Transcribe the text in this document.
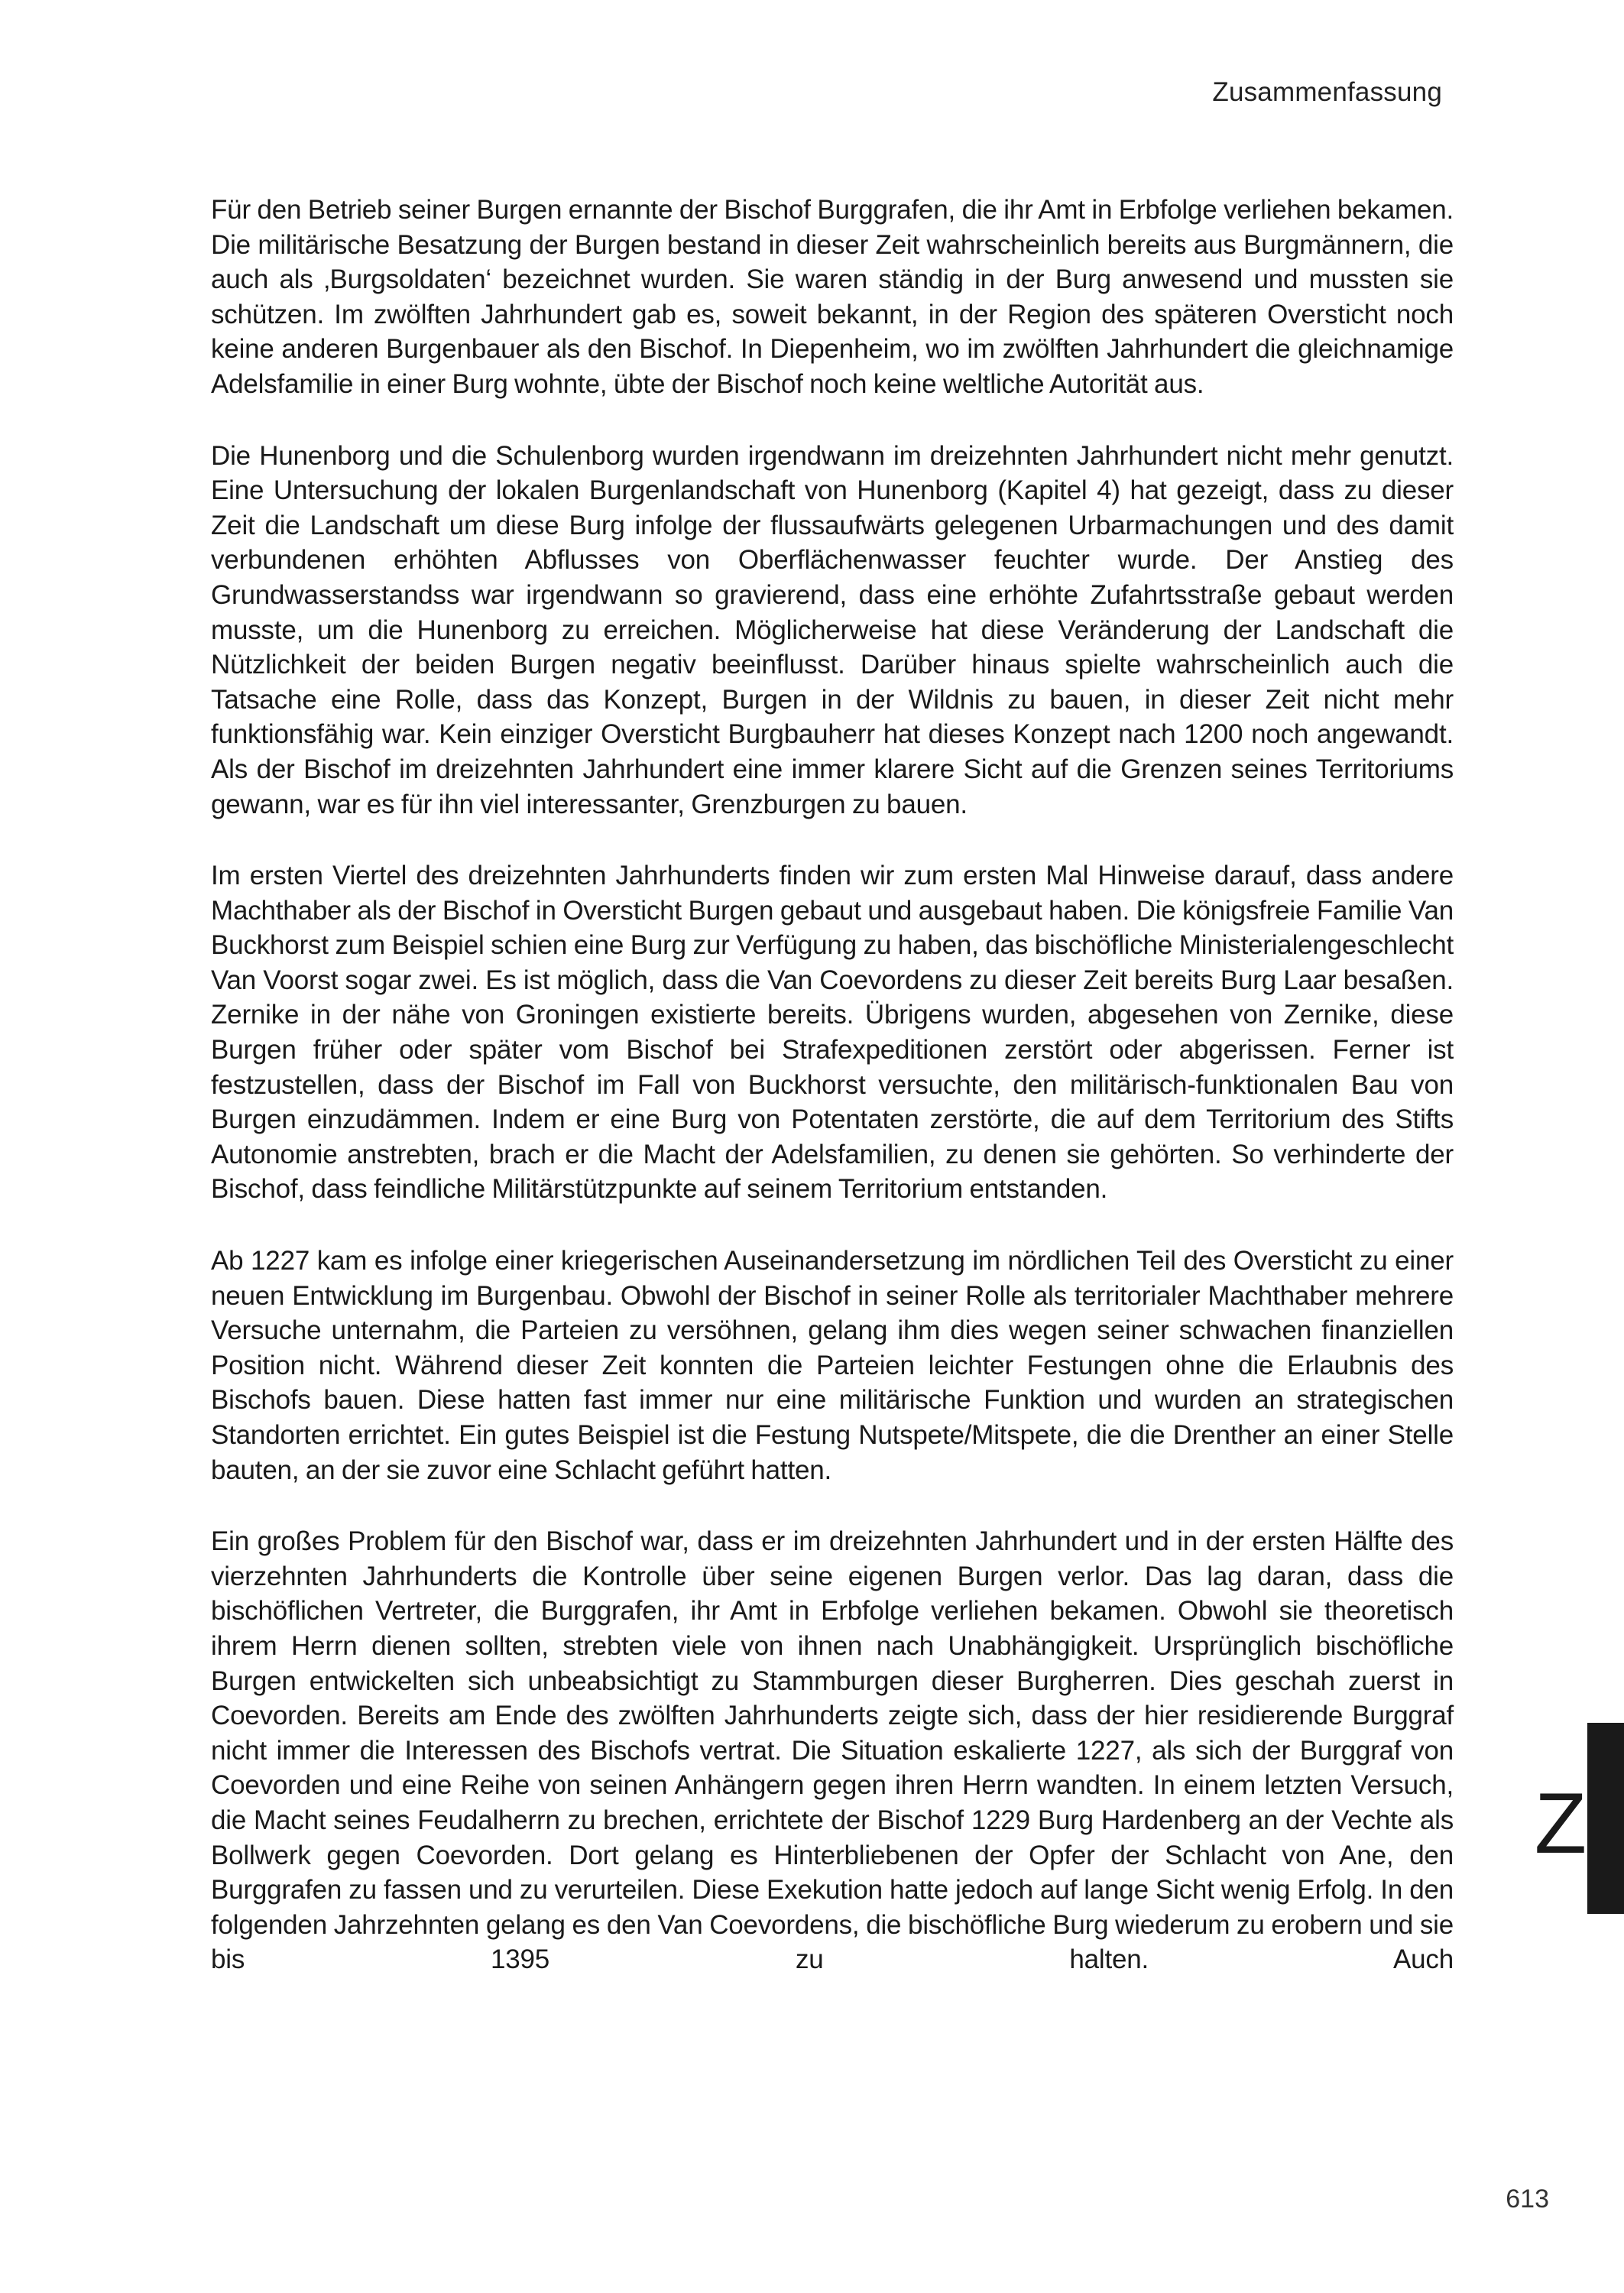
Zusammenfassung

Für den Betrieb seiner Burgen ernannte der Bischof Burggrafen, die ihr Amt in Erbfolge verliehen bekamen. Die militärische Besatzung der Burgen bestand in dieser Zeit wahrscheinlich bereits aus Burgmännern, die auch als ‚Burgsoldaten‘ bezeichnet wurden. Sie waren ständig in der Burg anwesend und mussten sie schützen. Im zwölften Jahrhundert gab es, soweit bekannt, in der Region des späteren Oversticht noch keine anderen Burgenbauer als den Bischof. In Diepenheim, wo im zwölften Jahrhundert die gleichnamige Adelsfamilie in einer Burg wohnte, übte der Bischof noch keine weltliche Autorität aus.

Die Hunenborg und die Schulenborg wurden irgendwann im dreizehnten Jahrhundert nicht mehr genutzt. Eine Untersuchung der lokalen Burgenlandschaft von Hunenborg (Kapitel 4) hat gezeigt, dass zu dieser Zeit die Landschaft um diese Burg infolge der flussaufwärts gelegenen Urbarmachungen und des damit verbundenen erhöhten Abflusses von Oberflächenwasser feuchter wurde. Der Anstieg des Grundwasserstandss war irgendwann so gravierend, dass eine erhöhte Zufahrtsstraße gebaut werden musste, um die Hunenborg zu erreichen. Möglicherweise hat diese Veränderung der Landschaft die Nützlichkeit der beiden Burgen negativ beeinflusst. Darüber hinaus spielte wahrscheinlich auch die Tatsache eine Rolle, dass das Konzept, Burgen in der Wildnis zu bauen, in dieser Zeit nicht mehr funktionsfähig war. Kein einziger Oversticht Burgbauherr hat dieses Konzept nach 1200 noch angewandt. Als der Bischof im dreizehnten Jahrhundert eine immer klarere Sicht auf die Grenzen seines Territoriums gewann, war es für ihn viel interessanter, Grenzburgen zu bauen.

Im ersten Viertel des dreizehnten Jahrhunderts finden wir zum ersten Mal Hinweise darauf, dass andere Machthaber als der Bischof in Oversticht Burgen gebaut und ausgebaut haben. Die königsfreie Familie Van Buckhorst zum Beispiel schien eine Burg zur Verfügung zu haben, das bischöfliche Ministerialengeschlecht Van Voorst sogar zwei. Es ist möglich, dass die Van Coevordens zu dieser Zeit bereits Burg Laar besaßen. Zernike in der nähe von Groningen existierte bereits. Übrigens wurden, abgesehen von Zernike, diese Burgen früher oder später vom Bischof bei Strafexpeditionen zerstört oder abgerissen. Ferner ist festzustellen, dass der Bischof im Fall von Buckhorst versuchte, den militärisch-funktionalen Bau von Burgen einzudämmen. Indem er eine Burg von Potentaten zerstörte, die auf dem Territorium des Stifts Autonomie anstrebten, brach er die Macht der Adelsfamilien, zu denen sie gehörten. So verhinderte der Bischof, dass feindliche Militärstützpunkte auf seinem Territorium entstanden.

Ab 1227 kam es infolge einer kriegerischen Auseinandersetzung im nördlichen Teil des Oversticht zu einer neuen Entwicklung im Burgenbau. Obwohl der Bischof in seiner Rolle als territorialer Machthaber mehrere Versuche unternahm, die Parteien zu versöhnen, gelang ihm dies wegen seiner schwachen finanziellen Position nicht. Während dieser Zeit konnten die Parteien leichter Festungen ohne die Erlaubnis des Bischofs bauen. Diese hatten fast immer nur eine militärische Funktion und wurden an strategischen Standorten errichtet. Ein gutes Beispiel ist die Festung Nutspete/Mitspete, die die Drenther an einer Stelle bauten, an der sie zuvor eine Schlacht geführt hatten.

Ein großes Problem für den Bischof war, dass er im dreizehnten Jahrhundert und in der ersten Hälfte des vierzehnten Jahrhunderts die Kontrolle über seine eigenen Burgen verlor. Das lag daran, dass die bischöflichen Vertreter, die Burggrafen, ihr Amt in Erbfolge verliehen bekamen. Obwohl sie theoretisch ihrem Herrn dienen sollten, strebten viele von ihnen nach Unabhängigkeit. Ursprünglich bischöfliche Burgen entwickelten sich unbeabsichtigt zu Stammburgen dieser Burgherren. Dies geschah zuerst in Coevorden. Bereits am Ende des zwölften Jahrhunderts zeigte sich, dass der hier residierende Burggraf nicht immer die Interessen des Bischofs vertrat. Die Situation eskalierte 1227, als sich der Burggraf von Coevorden und eine Reihe von seinen Anhängern gegen ihren Herrn wandten. In einem letzten Versuch, die Macht seines Feudalherrn zu brechen, errichtete der Bischof 1229 Burg Hardenberg an der Vechte als Bollwerk gegen Coevorden. Dort gelang es Hinterbliebenen der Opfer der Schlacht von Ane, den Burggrafen zu fassen und zu verurteilen. Diese Exekution hatte jedoch auf lange Sicht wenig Erfolg. In den folgenden Jahrzehnten gelang es den Van Coevordens, die bischöfliche Burg wiederum zu erobern und sie bis 1395 zu halten. Auch

Z
613
